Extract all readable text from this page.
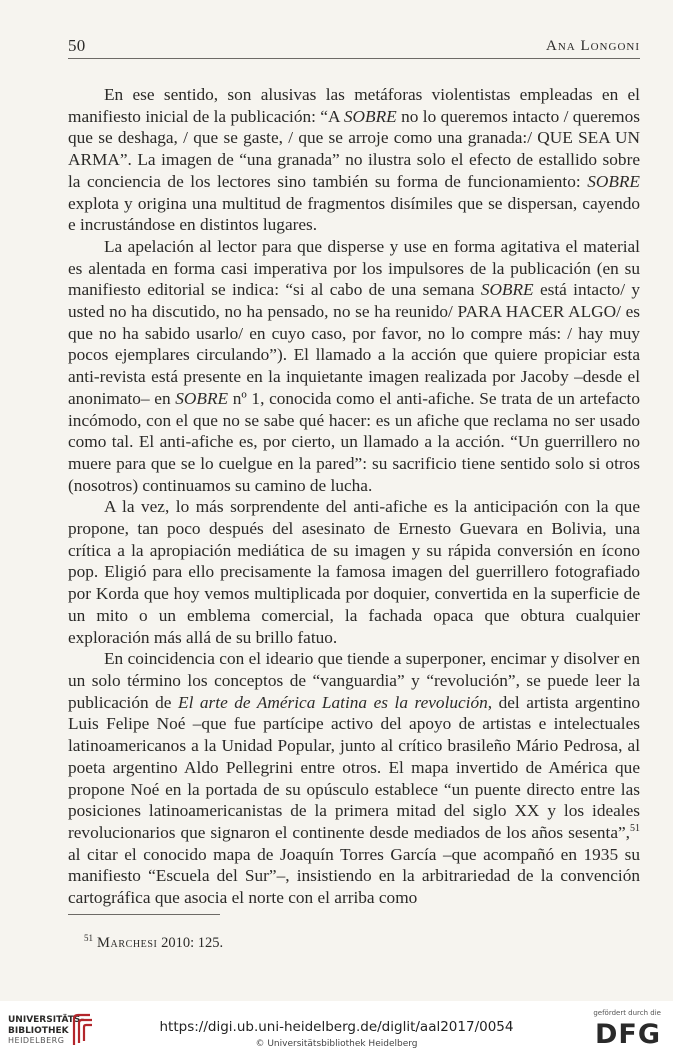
50	Ana Longoni

En ese sentido, son alusivas las metáforas violentistas empleadas en el manifiesto inicial de la publicación: “A SOBRE no lo queremos intacto / queremos que se deshaga, / que se gaste, / que se arroje como una granada:/ QUE SEA UN ARMA”. La imagen de “una granada” no ilustra solo el efecto de estallido sobre la conciencia de los lectores sino también su forma de funcionamiento: SOBRE explota y origina una multitud de fragmentos disímiles que se dispersan, cayendo e incrustándose en distintos lugares.

La apelación al lector para que disperse y use en forma agitativa el material es alentada en forma casi imperativa por los impulsores de la publicación (en su manifiesto editorial se indica: “si al cabo de una semana SOBRE está intacto/ y usted no ha discutido, no ha pensado, no se ha reunido/ PARA HACER ALGO/ es que no ha sabido usarlo/ en cuyo caso, por favor, no lo compre más: / hay muy pocos ejemplares circulando”). El llamado a la acción que quiere propiciar esta anti-revista está presente en la inquietante imagen realizada por Jacoby –desde el anonimato– en SOBRE nº 1, conocida como el anti-afiche. Se trata de un artefacto incómodo, con el que no se sabe qué hacer: es un afiche que reclama no ser usado como tal. El anti-afiche es, por cierto, un llamado a la acción. “Un guerrillero no muere para que se lo cuelgue en la pared”: su sacrificio tiene sentido solo si otros (nosotros) continuamos su camino de lucha.

A la vez, lo más sorprendente del anti-afiche es la anticipación con la que propone, tan poco después del asesinato de Ernesto Guevara en Bolivia, una crítica a la apropiación mediática de su imagen y su rápida conversión en ícono pop. Eligió para ello precisamente la famosa imagen del guerrillero fotografiado por Korda que hoy vemos multiplicada por doquier, convertida en la superficie de un mito o un emblema comercial, la fachada opaca que obtura cualquier exploración más allá de su brillo fatuo.

En coincidencia con el ideario que tiende a superponer, encimar y disolver en un solo término los conceptos de “vanguardia” y “revolución”, se puede leer la publicación de El arte de América Latina es la revolución, del artista argentino Luis Felipe Noé –que fue partícipe activo del apoyo de artistas e intelectuales latinoamericanos a la Unidad Popular, junto al crítico brasileño Mário Pedrosa, al poeta argentino Aldo Pellegrini entre otros. El mapa invertido de América que propone Noé en la portada de su opúsculo establece “un puente directo entre las posiciones latinoamericanistas de la primera mitad del siglo XX y los ideales revolucionarios que signaron el continente desde mediados de los años sesenta”,$^{51}$ al citar el conocido mapa de Joaquín Torres García –que acompañó en 1935 su manifiesto “Escuela del Sur”–, insistiendo en la arbitrariedad de la convención cartográfica que asocia el norte con el arriba como

$^{51}$ Marchesi 2010: 125.
UNIVERSITÄTS-
BIBLIOTHEK
HEIDELBERG
https://digi.ub.uni-heidelberg.de/diglit/aal2017/0054
© Universitätsbibliothek Heidelberg
gefördert durch die
DFG
